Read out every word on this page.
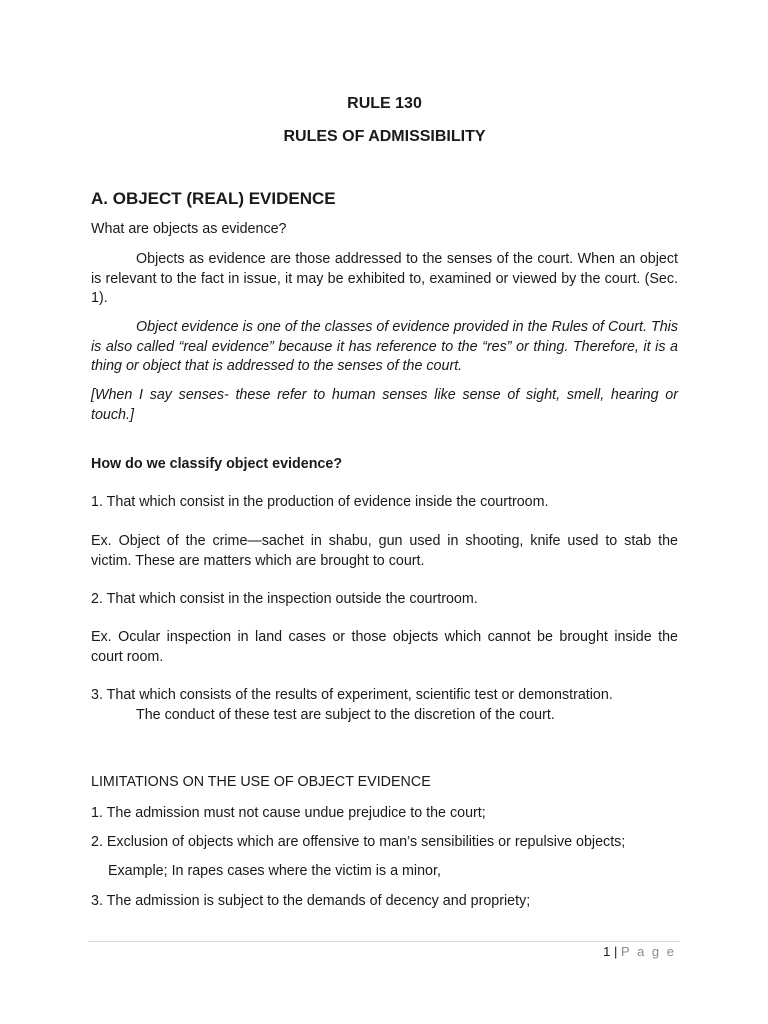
RULE 130

RULES OF ADMISSIBILITY

A. OBJECT (REAL) EVIDENCE

What are objects as evidence?

Objects as evidence are those addressed to the senses of the court. When an object is relevant to the fact in issue, it may be exhibited to, examined or viewed by the court. (Sec. 1).

Object evidence is one of the classes of evidence provided in the Rules of Court. This is also called “real evidence” because it has reference to the “res” or thing. Therefore, it is a thing or object that is addressed to the senses of the court.

[When I say senses- these refer to human senses like sense of sight, smell, hearing or touch.]

How do we classify object evidence?

1. That which consist in the production of evidence inside the courtroom.

Ex. Object of the crime—sachet in shabu, gun used in shooting, knife used to stab the victim. These are matters which are brought to court.

2. That which consist in the inspection outside the courtroom.

Ex. Ocular inspection in land cases or those objects which cannot be brought inside the court room.

3. That which consists of the results of experiment, scientific test or demonstration.

The conduct of these test are subject to the discretion of the court.

LIMITATIONS ON THE USE OF OBJECT EVIDENCE

1. The admission must not cause undue prejudice to the court;

2. Exclusion of objects which are offensive to man’s sensibilities or repulsive objects;

Example; In rapes cases where the victim is a minor,

3. The admission is subject to the demands of decency and propriety;

1 | P a g e
